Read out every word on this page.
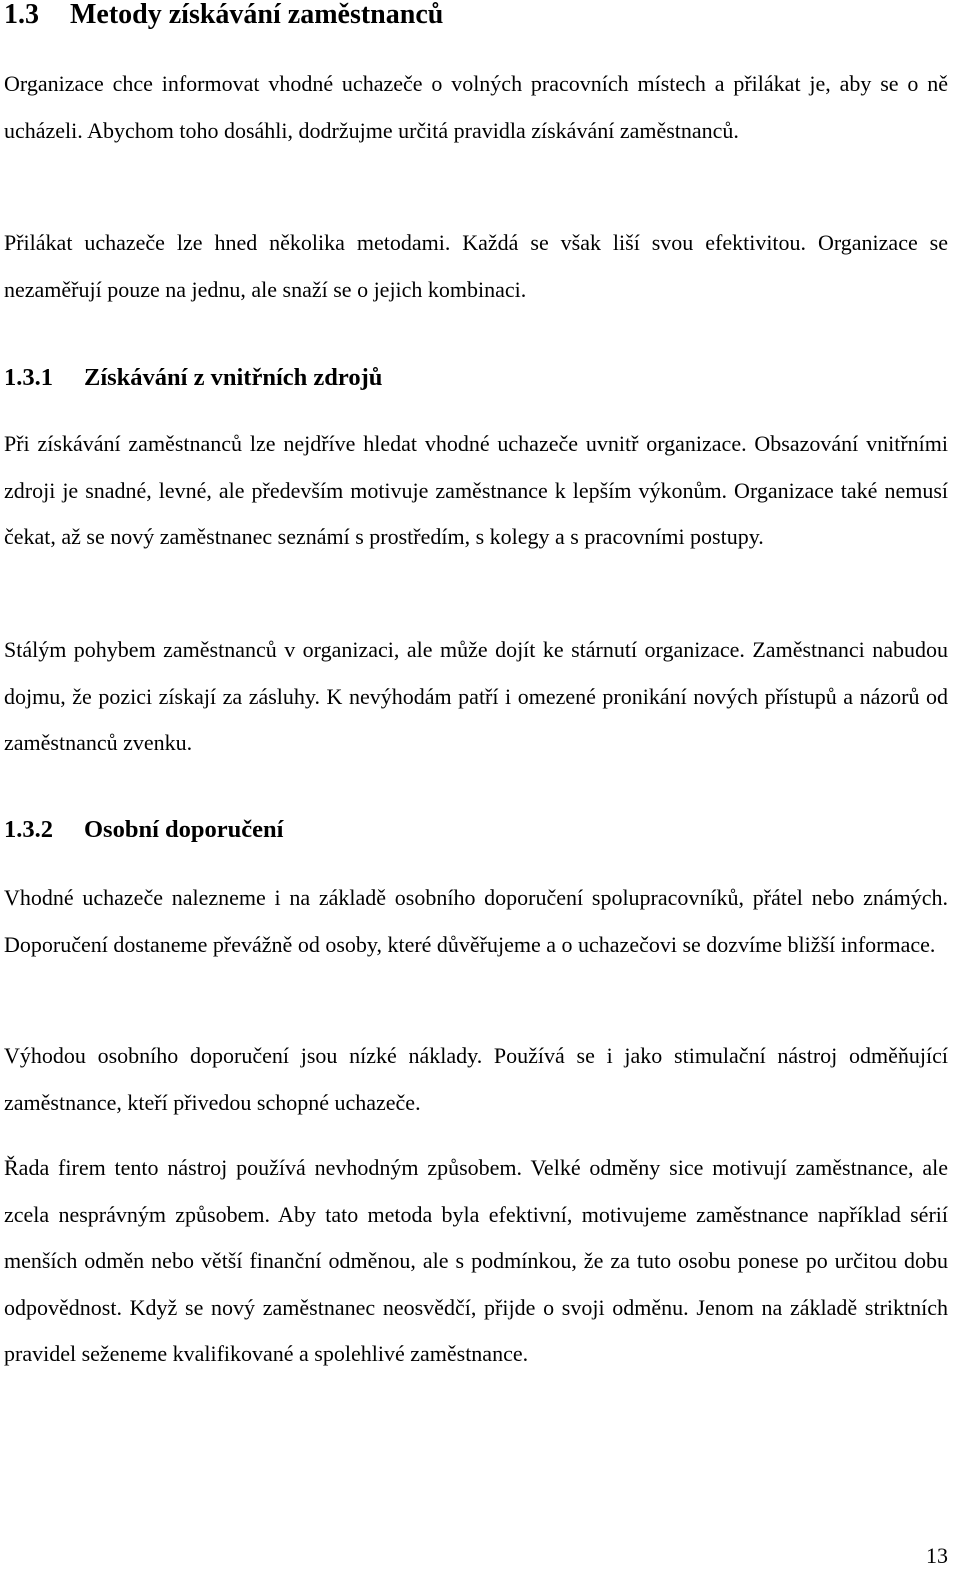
1.3 Metody získávání zaměstnanců

Organizace chce informovat vhodné uchazeče o volných pracovních místech a přilákat je, aby se o ně ucházeli. Abychom toho dosáhli, dodržujme určitá pravidla získávání zaměstnanců.

Přilákat uchazeče lze hned několika metodami. Každá se však liší svou efektivitou. Organizace se nezaměřují pouze na jednu, ale snaží se o jejich kombinaci.

1.3.1 Získávání z vnitřních zdrojů

Při získávání zaměstnanců lze nejdříve hledat vhodné uchazeče uvnitř organizace. Obsazování vnitřními zdroji je snadné, levné, ale především motivuje zaměstnance k lepším výkonům. Organizace také nemusí čekat, až se nový zaměstnanec seznámí s prostředím, s kolegy a s pracovními postupy.

Stálým pohybem zaměstnanců v organizaci, ale může dojít ke stárnutí organizace. Zaměstnanci nabudou dojmu, že pozici získají za zásluhy. K nevýhodám patří i omezené pronikání nových přístupů a názorů od zaměstnanců zvenku.

1.3.2 Osobní doporučení

Vhodné uchazeče nalezneme i na základě osobního doporučení spolupracovníků, přátel nebo známých. Doporučení dostaneme převážně od osoby, které důvěřujeme a o uchazečovi se dozvíme bližší informace.

Výhodou osobního doporučení jsou nízké náklady. Používá se i jako stimulační nástroj odměňující zaměstnance, kteří přivedou schopné uchazeče.

Řada firem tento nástroj používá nevhodným způsobem. Velké odměny sice motivují zaměstnance, ale zcela nesprávným způsobem. Aby tato metoda byla efektivní, motivujeme zaměstnance například sérií menších odměn nebo větší finanční odměnou, ale s podmínkou, že za tuto osobu ponese po určitou dobu odpovědnost. Když se nový zaměstnanec neosvědčí, přijde o svoji odměnu. Jenom na základě striktních pravidel seženeme kvalifikované a spolehlivé zaměstnance.

13
